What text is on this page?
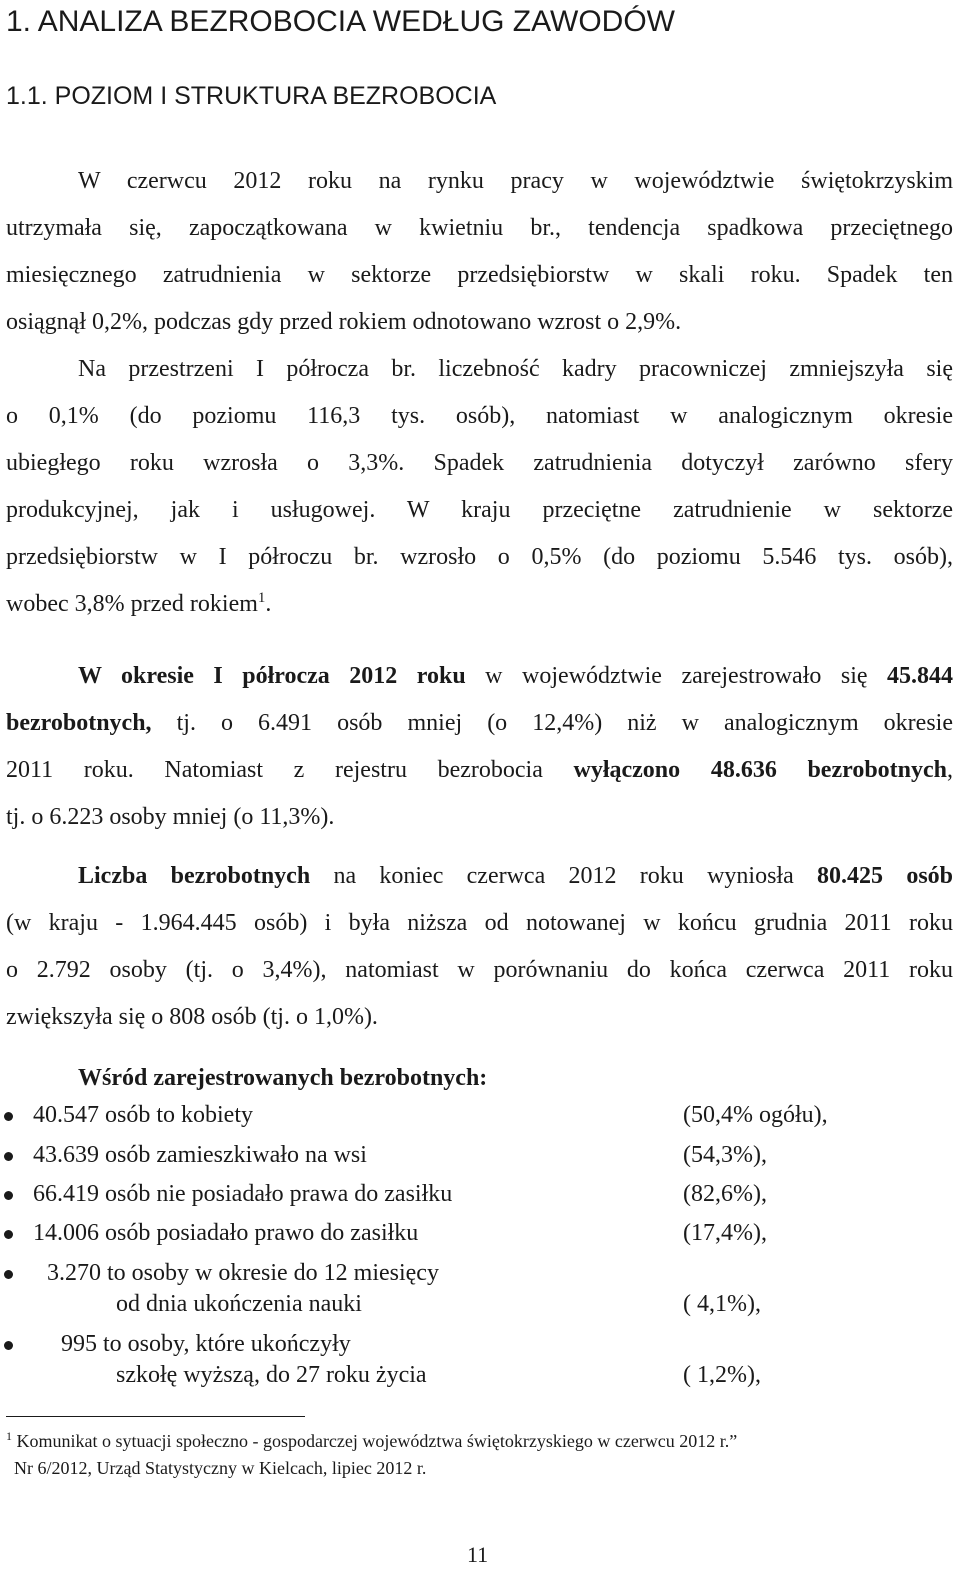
1. ANALIZA BEZROBOCIA WEDŁUG ZAWODÓW
1.1. POZIOM I STRUKTURA BEZROBOCIA
W czerwcu 2012 roku na rynku pracy w województwie świętokrzyskim
utrzymała się, zapoczątkowana w kwietniu br., tendencja spadkowa przeciętnego
miesięcznego zatrudnienia w sektorze przedsiębiorstw w skali roku. Spadek ten
osiągnął 0,2%, podczas gdy przed rokiem odnotowano wzrost o 2,9%.
Na przestrzeni I półrocza br. liczebność kadry pracowniczej zmniejszyła się
o 0,1% (do poziomu 116,3 tys. osób), natomiast w analogicznym okresie
ubiegłego roku wzrosła o 3,3%. Spadek zatrudnienia dotyczył zarówno sfery
produkcyjnej, jak i usługowej. W kraju przeciętne zatrudnienie w sektorze
przedsiębiorstw w I półroczu br. wzrosło o 0,5% (do poziomu 5.546 tys. osób),
wobec 3,8% przed rokiem$^1$.
W okresie I półrocza 2012 roku w województwie zarejestrowało się 45.844
bezrobotnych, tj. o 6.491 osób mniej (o 12,4%) niż w analogicznym okresie
2011 roku. Natomiast z rejestru bezrobocia wyłączono 48.636 bezrobotnych,
tj. o 6.223 osoby mniej (o 11,3%).
Liczba bezrobotnych na koniec czerwca 2012 roku wyniosła 80.425 osób
(w kraju - 1.964.445 osób) i była niższa od notowanej w końcu grudnia 2011 roku
o 2.792 osoby (tj. o 3,4%), natomiast w porównaniu do końca czerwca 2011 roku
zwiększyła się o 808 osób (tj. o 1,0%).
Wśród zarejestrowanych bezrobotnych:
40.547 osób to kobiety	(50,4% ogółu),
43.639 osób zamieszkiwało na wsi	(54,3%),
66.419 osób nie posiadało prawa do zasiłku	(82,6%),
14.006 osób posiadało prawo do zasiłku	(17,4%),
3.270 to osoby w okresie do 12 miesięcy
od dnia ukończenia nauki	( 4,1%),
995 to osoby, które ukończyły
szkołę wyższą, do 27 roku życia	( 1,2%),
$^1$ Komunikat o sytuacji społeczno - gospodarczej województwa świętokrzyskiego w czerwcu 2012 r.”
Nr 6/2012, Urząd Statystyczny w Kielcach, lipiec 2012 r.
11
